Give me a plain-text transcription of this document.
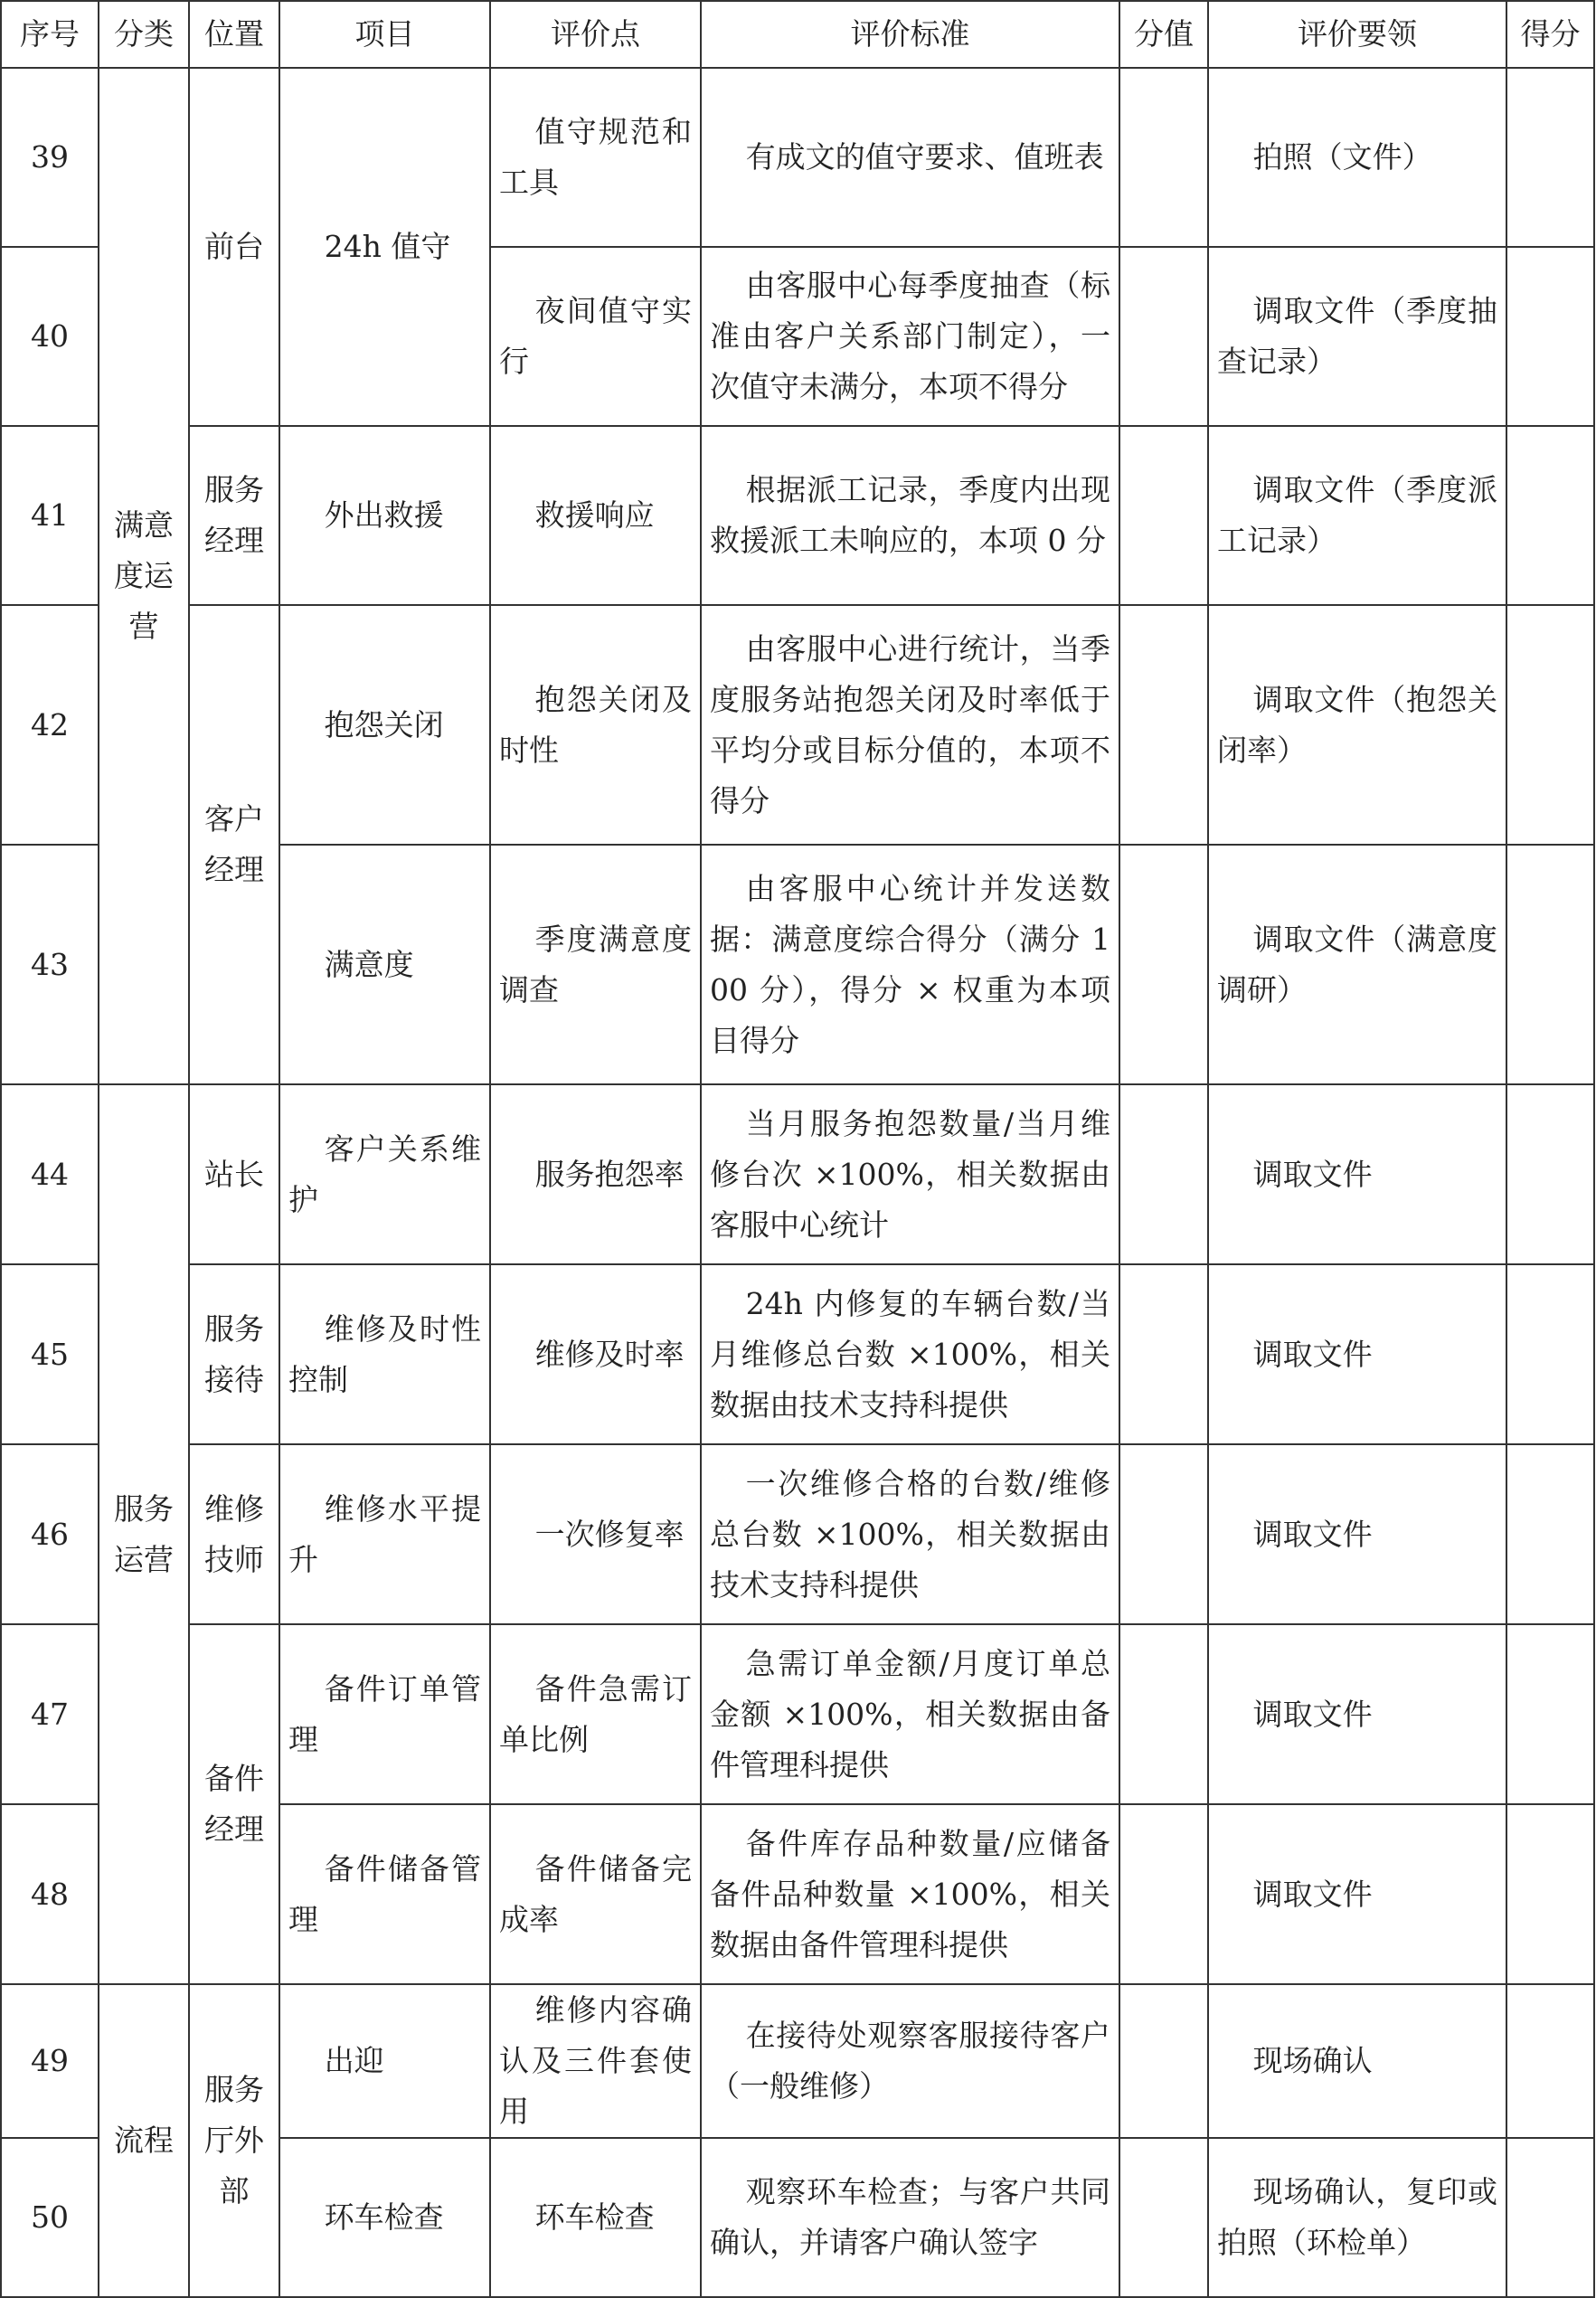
序号	分类	位置	项目	评价点	评价标准	分值	评价要领	得分
39	满意度运营	前台	24h 值守	值守规范和工具	有成文的值守要求、值班表		拍照（文件）	
40				夜间值守实行	由客服中心每季度抽查（标准由客户关系部门制定），一次值守未满分，本项不得分		调取文件（季度抽查记录）	
41		服务经理	外出救援	救援响应	根据派工记录，季度内出现救援派工未响应的，本项 0 分		调取文件（季度派工记录）	
42		客户经理	抱怨关闭	抱怨关闭及时性	由客服中心进行统计，当季度服务站抱怨关闭及时率低于平均分或目标分值的，本项不得分		调取文件（抱怨关闭率）	
43			满意度	季度满意度调查	由客服中心统计并发送数据：满意度综合得分（满分 100 分），得分 × 权重为本项目得分		调取文件（满意度调研）	
44	服务运营	站长	客户关系维护	服务抱怨率	当月服务抱怨数量/当月维修台次 ×100%，相关数据由客服中心统计		调取文件	
45		服务接待	维修及时性控制	维修及时率	24h 内修复的车辆台数/当月维修总台数 ×100%，相关数据由技术支持科提供		调取文件	
46		维修技师	维修水平提升	一次修复率	一次维修合格的台数/维修总台数 ×100%，相关数据由技术支持科提供		调取文件	
47		备件经理	备件订单管理	备件急需订单比例	急需订单金额/月度订单总金额 ×100%，相关数据由备件管理科提供		调取文件	
48			备件储备管理	备件储备完成率	备件库存品种数量/应储备备件品种数量 ×100%，相关数据由备件管理科提供		调取文件	
49	流程	服务厅外部	出迎	维修内容确认及三件套使用	在接待处观察客服接待客户（一般维修）		现场确认	
50			环车检查	环车检查	观察环车检查；与客户共同确认，并请客户确认签字		现场确认，复印或拍照（环检单）	
